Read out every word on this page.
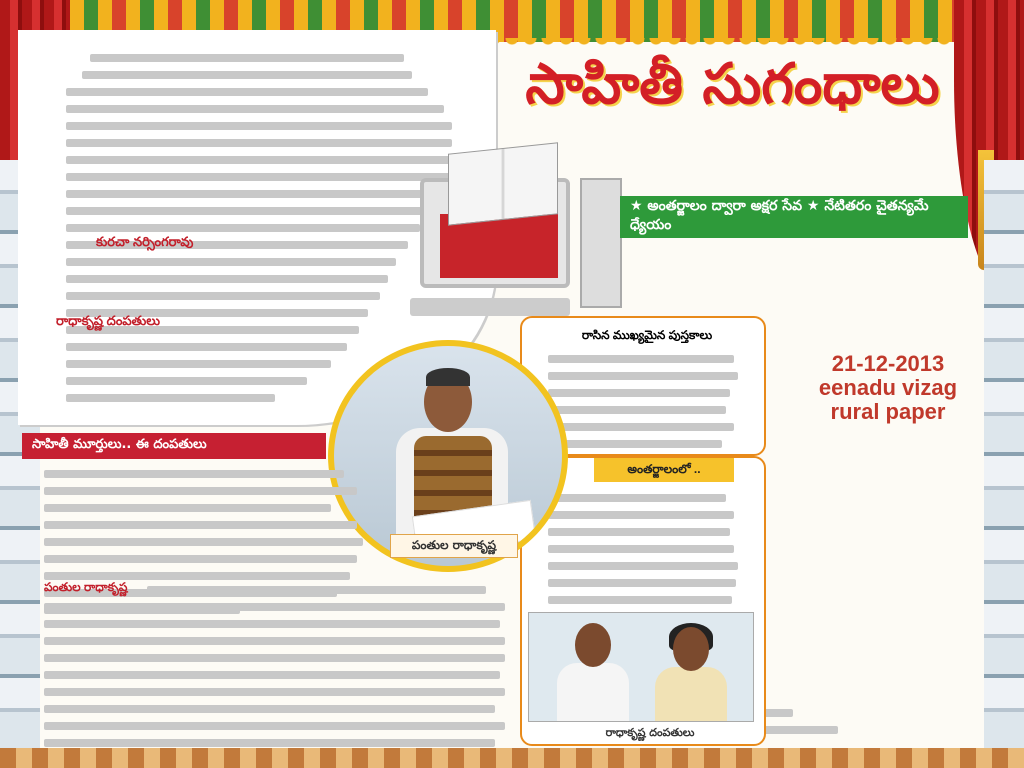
కురచా నర్సింగరావు
రాధాకృష్ణ దంపతులు
సాహితీ సుగంధాలు
★ అంతర్జాలం ద్వారా అక్షర సేవ ★ నేటితరం చైతన్యమే ధ్యేయం
21-12-2013
eenadu vizag
rural paper
రాసిన ముఖ్యమైన పుస్తకాలు
అంతర్జాలంలో ..
పంతుల రాధాకృష్ణ
సాహితీ మూర్తులు.. ఈ దంపతులు
పంతుల రాధాకృష్ణ
రాధాకృష్ణ దంపతులు
